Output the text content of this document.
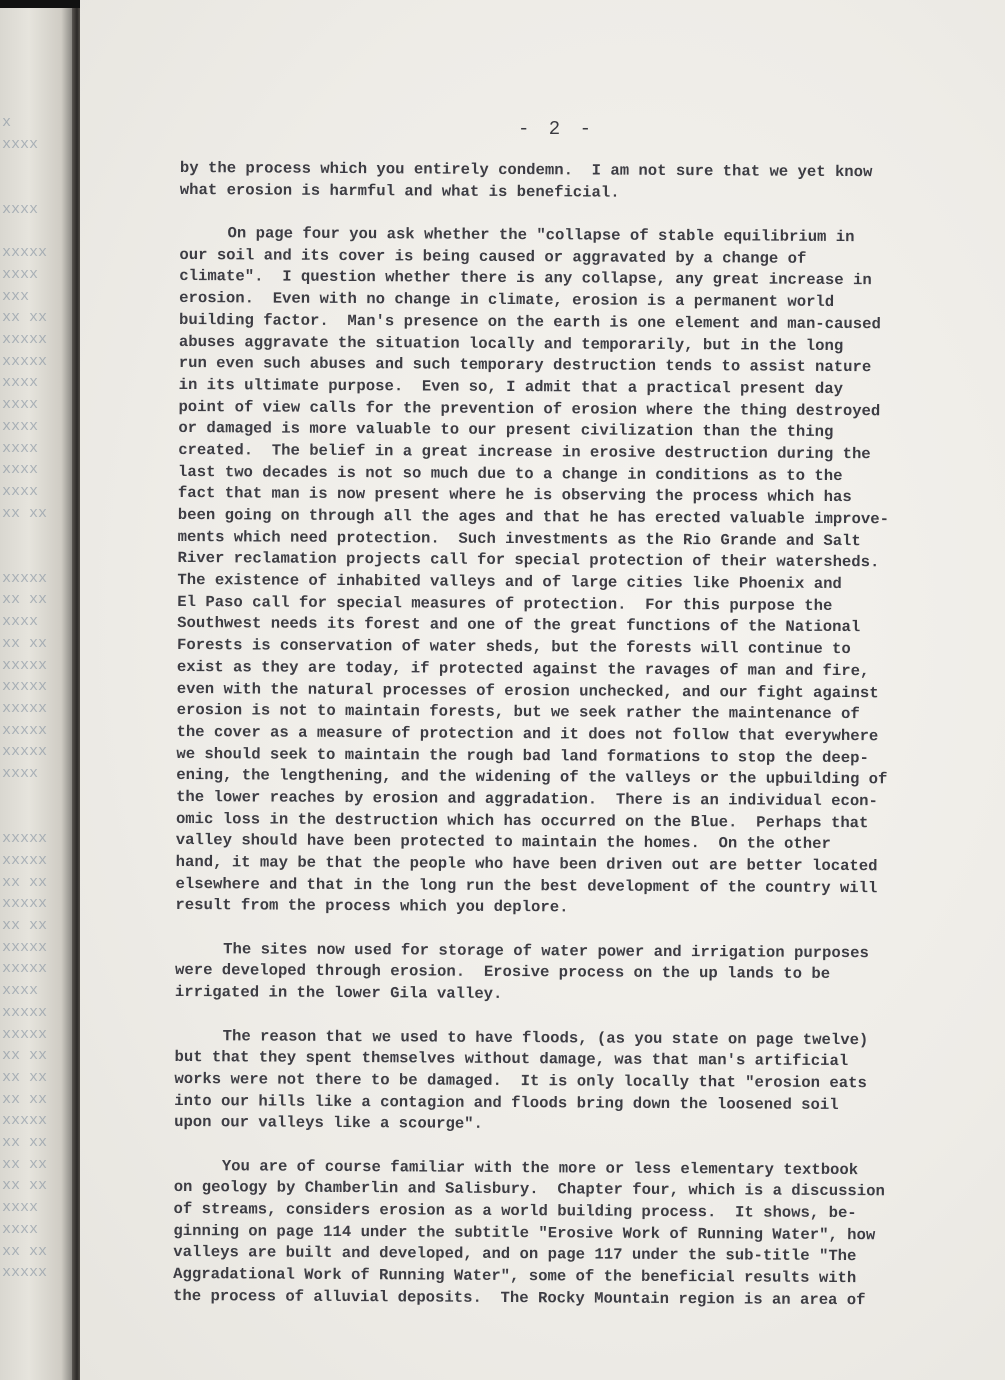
x
xxxx

xxxx

xxxxx
xxxx
xxx
xx xx
xxxxx
xxxxx
xxxx
xxxx
xxxx
xxxx
xxxx
xxxx
xx xx

xxxxx
xx xx
xxxx
xx xx
xxxxx
xxxxx
xxxxx
xxxxx
xxxxx
xxxx

xxxxx
xxxxx
xx xx
xxxxx
xx xx
xxxxx
xxxxx
xxxx
xxxxx
xxxxx
xx xx
xx xx
xx xx
xxxxx
xx xx
xx xx
xx xx
xxxx
xxxx
xx xx
xxxxx
- 2 -
by the process which you entirely condemn.  I am not sure that we yet know
what erosion is harmful and what is beneficial.
On page four you ask whether the "collapse of stable equilibrium in
our soil and its cover is being caused or aggravated by a change of
climate".  I question whether there is any collapse, any great increase in
erosion.  Even with no change in climate, erosion is a permanent world
building factor.  Man's presence on the earth is one element and man-caused
abuses aggravate the situation locally and temporarily, but in the long
run even such abuses and such temporary destruction tends to assist nature
in its ultimate purpose.  Even so, I admit that a practical present day
point of view calls for the prevention of erosion where the thing destroyed
or damaged is more valuable to our present civilization than the thing
created.  The belief in a great increase in erosive destruction during the
last two decades is not so much due to a change in conditions as to the
fact that man is now present where he is observing the process which has
been going on through all the ages and that he has erected valuable improve-
ments which need protection.  Such investments as the Rio Grande and Salt
River reclamation projects call for special protection of their watersheds.
The existence of inhabited valleys and of large cities like Phoenix and
El Paso call for special measures of protection.  For this purpose the
Southwest needs its forest and one of the great functions of the National
Forests is conservation of water sheds, but the forests will continue to
exist as they are today, if protected against the ravages of man and fire,
even with the natural processes of erosion unchecked, and our fight against
erosion is not to maintain forests, but we seek rather the maintenance of
the cover as a measure of protection and it does not follow that everywhere
we should seek to maintain the rough bad land formations to stop the deep-
ening, the lengthening, and the widening of the valleys or the upbuilding of
the lower reaches by erosion and aggradation.  There is an individual econ-
omic loss in the destruction which has occurred on the Blue.  Perhaps that
valley should have been protected to maintain the homes.  On the other
hand, it may be that the people who have been driven out are better located
elsewhere and that in the long run the best development of the country will
result from the process which you deplore.
The sites now used for storage of water power and irrigation purposes
were developed through erosion.  Erosive process on the up lands to be
irrigated in the lower Gila valley.
The reason that we used to have floods, (as you state on page twelve)
but that they spent themselves without damage, was that man's artificial
works were not there to be damaged.  It is only locally that "erosion eats
into our hills like a contagion and floods bring down the loosened soil
upon our valleys like a scourge".
You are of course familiar with the more or less elementary textbook
on geology by Chamberlin and Salisbury.  Chapter four, which is a discussion
of streams, considers erosion as a world building process.  It shows, be-
ginning on page 114 under the subtitle "Erosive Work of Running Water", how
valleys are built and developed, and on page 117 under the sub-title "The
Aggradational Work of Running Water", some of the beneficial results with
the process of alluvial deposits.  The Rocky Mountain region is an area of
